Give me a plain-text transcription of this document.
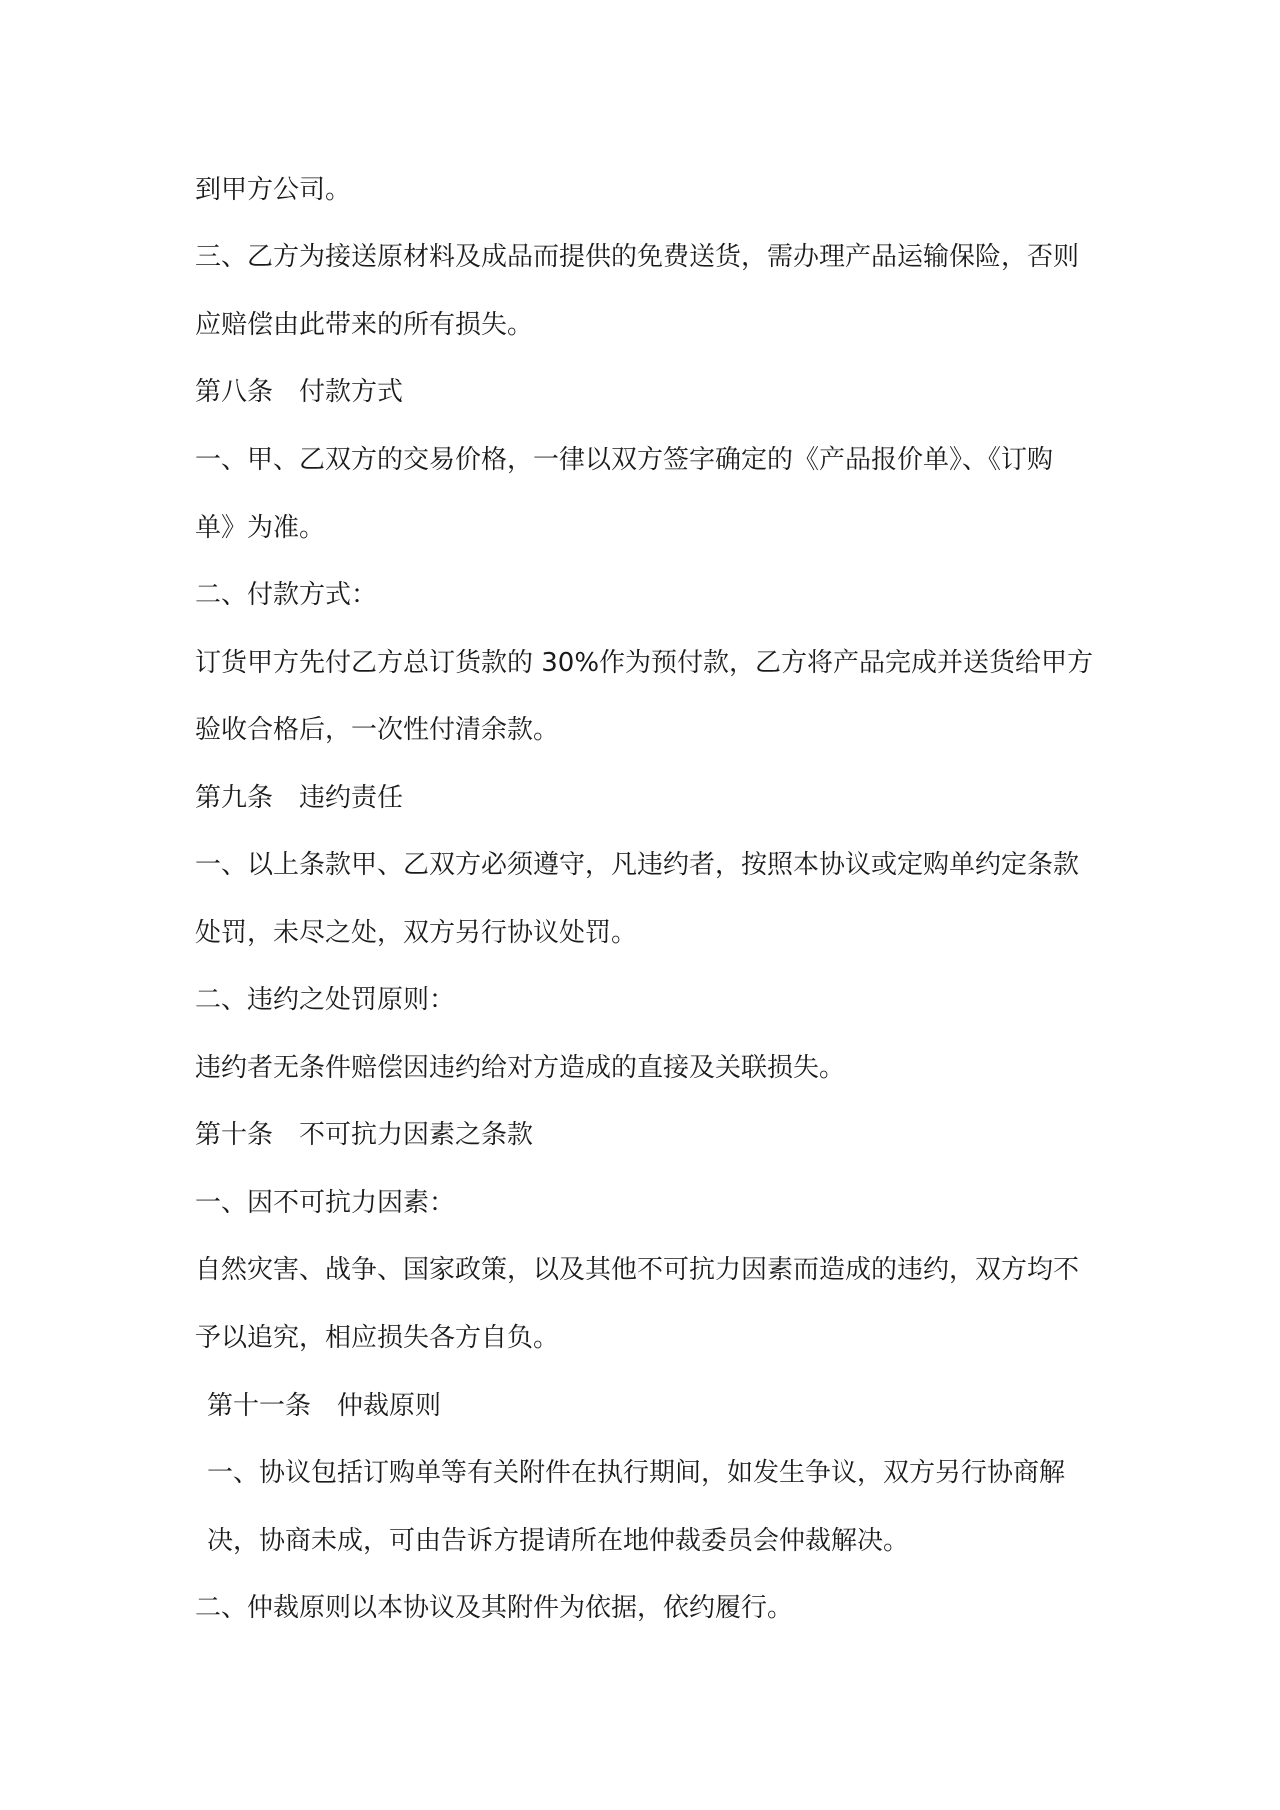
到甲方公司。
三、乙方为接送原材料及成品而提供的免费送货，需办理产品运输保险，否则
应赔偿由此带来的所有损失。
第八条　付款方式
一、甲、乙双方的交易价格，一律以双方签字确定的《产品报价单》、《订购
单》为准。
二、付款方式：
订货甲方先付乙方总订货款的 30%作为预付款，乙方将产品完成并送货给甲方
验收合格后，一次性付清余款。
第九条　违约责任
一、以上条款甲、乙双方必须遵守，凡违约者，按照本协议或定购单约定条款
处罚，未尽之处，双方另行协议处罚。
二、违约之处罚原则：
违约者无条件赔偿因违约给对方造成的直接及关联损失。
第十条　不可抗力因素之条款
一、因不可抗力因素：
自然灾害、战争、国家政策，以及其他不可抗力因素而造成的违约，双方均不
予以追究，相应损失各方自负。
第十一条　仲裁原则
一、协议包括订购单等有关附件在执行期间，如发生争议，双方另行协商解
决，协商未成，可由告诉方提请所在地仲裁委员会仲裁解决。
二、仲裁原则以本协议及其附件为依据，依约履行。
